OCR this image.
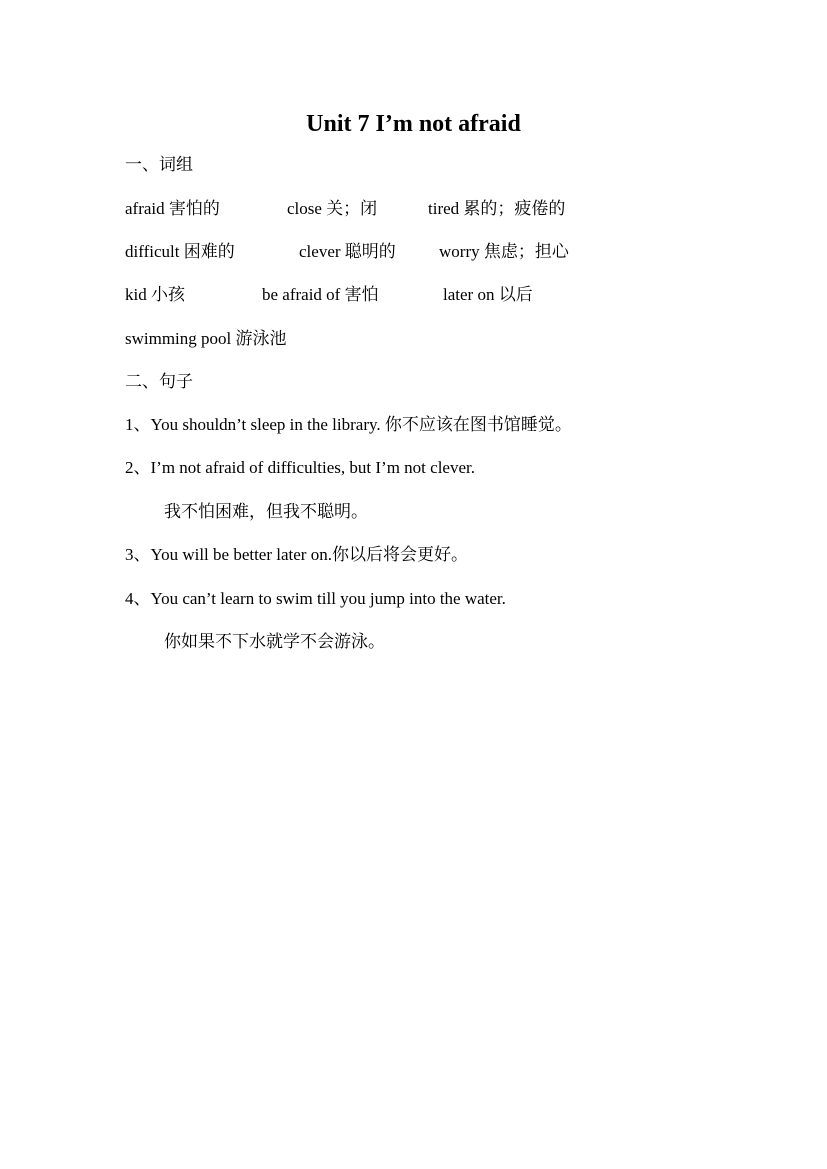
Unit 7 I’m not afraid
一、词组
afraid 害怕的	close 关；闭	tired 累的；疲倦的
difficult 困难的	clever 聪明的	worry 焦虑；担心
kid 小孩	be afraid of 害怕	later on 以后
swimming pool 游泳池
二、句子
1、You shouldn’t sleep in the library. 你不应该在图书馆睡觉。
2、I’m not afraid of difficulties, but I’m not clever.
我不怕困难，但我不聪明。
3、You will be better later on.你以后将会更好。
4、You can’t learn to swim till you jump into the water.
你如果不下水就学不会游泳。
